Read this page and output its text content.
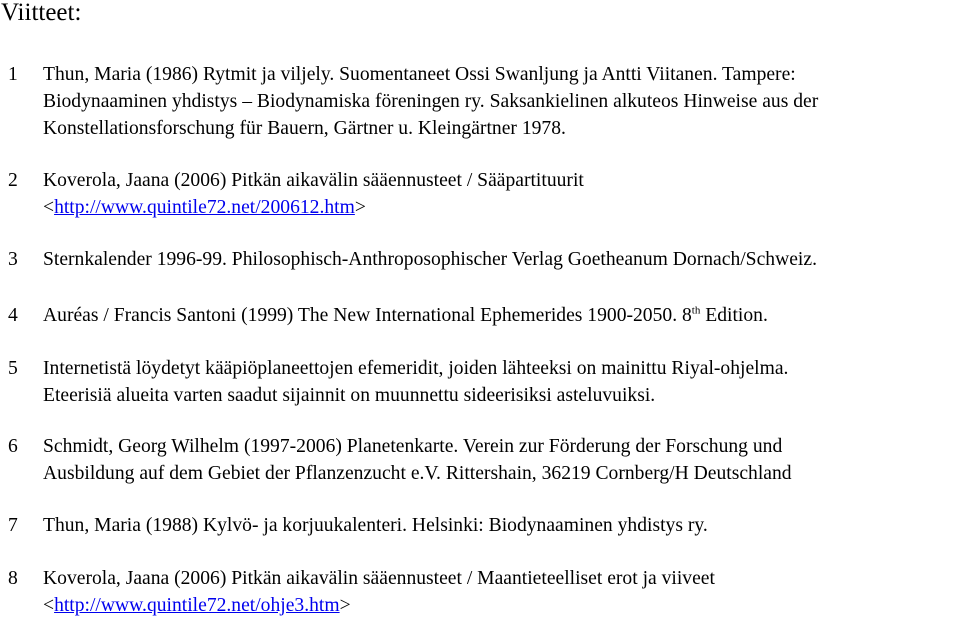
Viitteet:
1 Thun, Maria (1986) Rytmit ja viljely. Suomentaneet Ossi Swanljung ja Antti Viitanen. Tampere:
Biodynaaminen yhdistys – Biodynamiska föreningen ry. Saksankielinen alkuteos Hinweise aus der
Konstellationsforschung für Bauern, Gärtner u. Kleingärtner 1978.
2 Koverola, Jaana (2006) Pitkän aikavälin sääennusteet / Sääpartituurit
<http://www.quintile72.net/200612.htm>
3 Sternkalender 1996-99. Philosophisch-Anthroposophischer Verlag Goetheanum Dornach/Schweiz.
4 Auréas / Francis Santoni (1999) The New International Ephemerides 1900-2050. 8th Edition.
5 Internetistä löydetyt kääpiöplaneettojen efemeridit, joiden lähteeksi on mainittu Riyal-ohjelma.
Eteerisiä alueita varten saadut sijainnit on muunnettu sideerisiksi asteluvuiksi.
6 Schmidt, Georg Wilhelm (1997-2006) Planetenkarte. Verein zur Förderung der Forschung und
Ausbildung auf dem Gebiet der Pflanzenzucht e.V. Rittershain, 36219 Cornberg/H Deutschland
7 Thun, Maria (1988) Kylvö- ja korjuukalenteri. Helsinki: Biodynaaminen yhdistys ry.
8 Koverola, Jaana (2006) Pitkän aikavälin sääennusteet / Maantieteelliset erot ja viiveet
<http://www.quintile72.net/ohje3.htm>
